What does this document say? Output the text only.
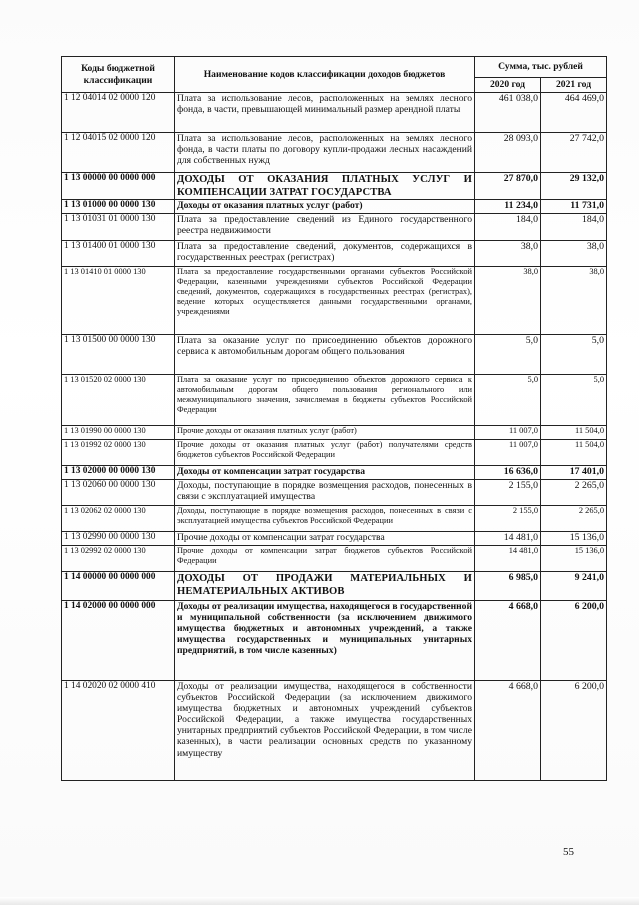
Коды бюджетной классификации	Наименование кодов классификации доходов бюджетов	Сумма, тыс. рублей	
		2020 год	2021 год
1 12 04014 02 0000 120	Плата за использование лесов, расположенных на землях лесного фонда, в части, превышающей минимальный размер арендной платы	461 038,0	464 469,0
1 12 04015 02 0000 120	Плата за использование лесов, расположенных на землях лесного фонда, в части платы по договору купли-продажи лесных насаждений для собственных нужд	28 093,0	27 742,0
1 13 00000 00 0000 000	ДОХОДЫ ОТ ОКАЗАНИЯ ПЛАТНЫХ УСЛУГ И КОМПЕНСАЦИИ ЗАТРАТ ГОСУДАРСТВА	27 870,0	29 132,0
1 13 01000 00 0000 130	Доходы от оказания платных услуг (работ)	11 234,0	11 731,0
1 13 01031 01 0000 130	Плата за предоставление сведений из Единого государственного реестра недвижимости	184,0	184,0
1 13 01400 01 0000 130	Плата за предоставление сведений, документов, содержащихся в государственных реестрах (регистрах)	38,0	38,0
1 13 01410 01 0000 130	Плата за предоставление государственными органами субъектов Российской Федерации, казенными учреждениями субъектов Российской Федерации сведений, документов, содержащихся в государственных реестрах (регистрах), ведение которых осуществляется данными государственными органами, учреждениями	38,0	38,0
1 13 01500 00 0000 130	Плата за оказание услуг по присоединению объектов дорожного сервиса к автомобильным дорогам общего пользования	5,0	5,0
1 13 01520 02 0000 130	Плата за оказание услуг по присоединению объектов дорожного сервиса к автомобильным дорогам общего пользования регионального или межмуниципального значения, зачисляемая в бюджеты субъектов Российской Федерации	5,0	5,0
1 13 01990 00 0000 130	Прочие доходы от оказания платных услуг (работ)	11 007,0	11 504,0
1 13 01992 02 0000 130	Прочие доходы от оказания платных услуг (работ) получателями средств бюджетов субъектов Российской Федерации	11 007,0	11 504,0
1 13 02000 00 0000 130	Доходы от компенсации затрат государства	16 636,0	17 401,0
1 13 02060 00 0000 130	Доходы, поступающие в порядке возмещения расходов, понесенных в связи с эксплуатацией имущества	2 155,0	2 265,0
1 13 02062 02 0000 130	Доходы, поступающие в порядке возмещения расходов, понесенных в связи с эксплуатацией имущества субъектов Российской Федерации	2 155,0	2 265,0
1 13 02990 00 0000 130	Прочие доходы от компенсации затрат государства	14 481,0	15 136,0
1 13 02992 02 0000 130	Прочие доходы от компенсации затрат бюджетов субъектов Российской Федерации	14 481,0	15 136,0
1 14 00000 00 0000 000	ДОХОДЫ ОТ ПРОДАЖИ МАТЕРИАЛЬНЫХ И НЕМАТЕРИАЛЬНЫХ АКТИВОВ	6 985,0	9 241,0
1 14 02000 00 0000 000	Доходы от реализации имущества, находящегося в государственной и муниципальной собственности (за исключением движимого имущества бюджетных и автономных учреждений, а также имущества государственных и муниципальных унитарных предприятий, в том числе казенных)	4 668,0	6 200,0
1 14 02020 02 0000 410	Доходы от реализации имущества, находящегося в собственности субъектов Российской Федерации (за исключением движимого имущества бюджетных и автономных учреждений субъектов Российской Федерации, а также имущества государственных унитарных предприятий субъектов Российской Федерации, в том числе казенных), в части реализации основных средств по указанному имуществу	4 668,0	6 200,0
55
